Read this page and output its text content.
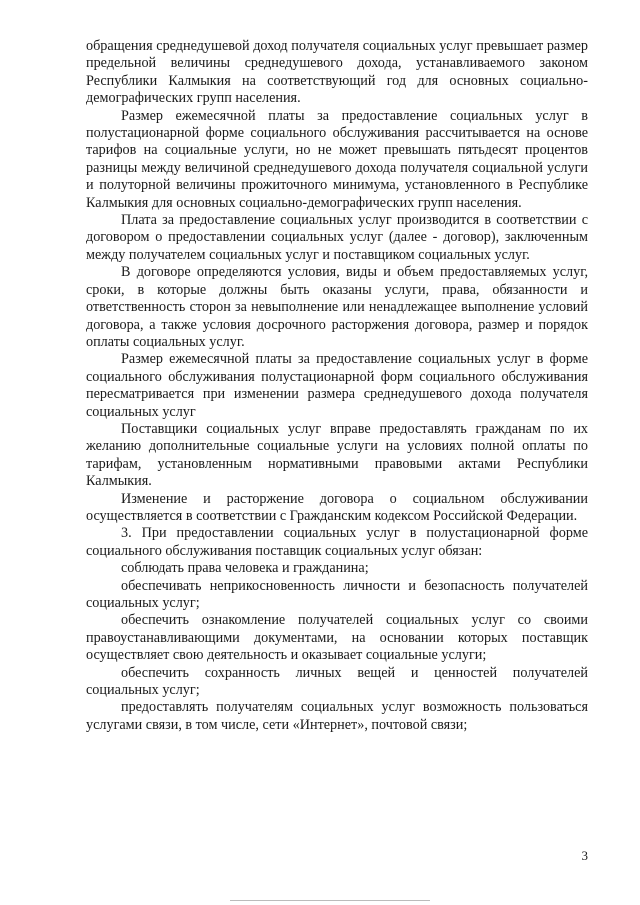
обращения среднедушевой доход получателя социальных услуг превышает размер предельной величины среднедушевого дохода, устанавливаемого законом Республики Калмыкия на соответствующий год для основных социально-демографических групп населения.

Размер ежемесячной платы за предоставление социальных услуг в полустационарной форме социального обслуживания рассчитывается на основе тарифов на социальные услуги, но не может превышать пятьдесят процентов разницы между величиной среднедушевого дохода получателя социальной услуги и полуторной величины прожиточного минимума, установленного в Республике Калмыкия для основных социально-демографических групп населения.

Плата за предоставление социальных услуг производится в соответствии с договором о предоставлении социальных услуг (далее - договор), заключенным между получателем социальных услуг и поставщиком социальных услуг.

В договоре определяются условия, виды и объем предоставляемых услуг, сроки, в которые должны быть оказаны услуги, права, обязанности и ответственность сторон за невыполнение или ненадлежащее выполнение условий договора, а также условия досрочного расторжения договора, размер и порядок оплаты социальных услуг.

Размер ежемесячной платы за предоставление социальных услуг в форме социального обслуживания полустационарной форм социального обслуживания пересматривается при изменении размера среднедушевого дохода получателя социальных услуг

Поставщики социальных услуг вправе предоставлять гражданам по их желанию дополнительные социальные услуги на условиях полной оплаты по тарифам, установленным нормативными правовыми актами Республики Калмыкия.

Изменение и расторжение договора о социальном обслуживании осуществляется в соответствии с Гражданским кодексом Российской Федерации.

3. При предоставлении социальных услуг в полустационарной форме социального обслуживания поставщик социальных услуг обязан:

соблюдать права человека и гражданина;

обеспечивать неприкосновенность личности и безопасность получателей социальных услуг;

обеспечить ознакомление получателей социальных услуг со своими правоустанавливающими документами, на основании которых поставщик осуществляет свою деятельность и оказывает социальные услуги;

обеспечить сохранность личных вещей и ценностей получателей социальных услуг;

предоставлять получателям социальных услуг возможность пользоваться услугами связи, в том числе, сети «Интернет», почтовой связи;

3
